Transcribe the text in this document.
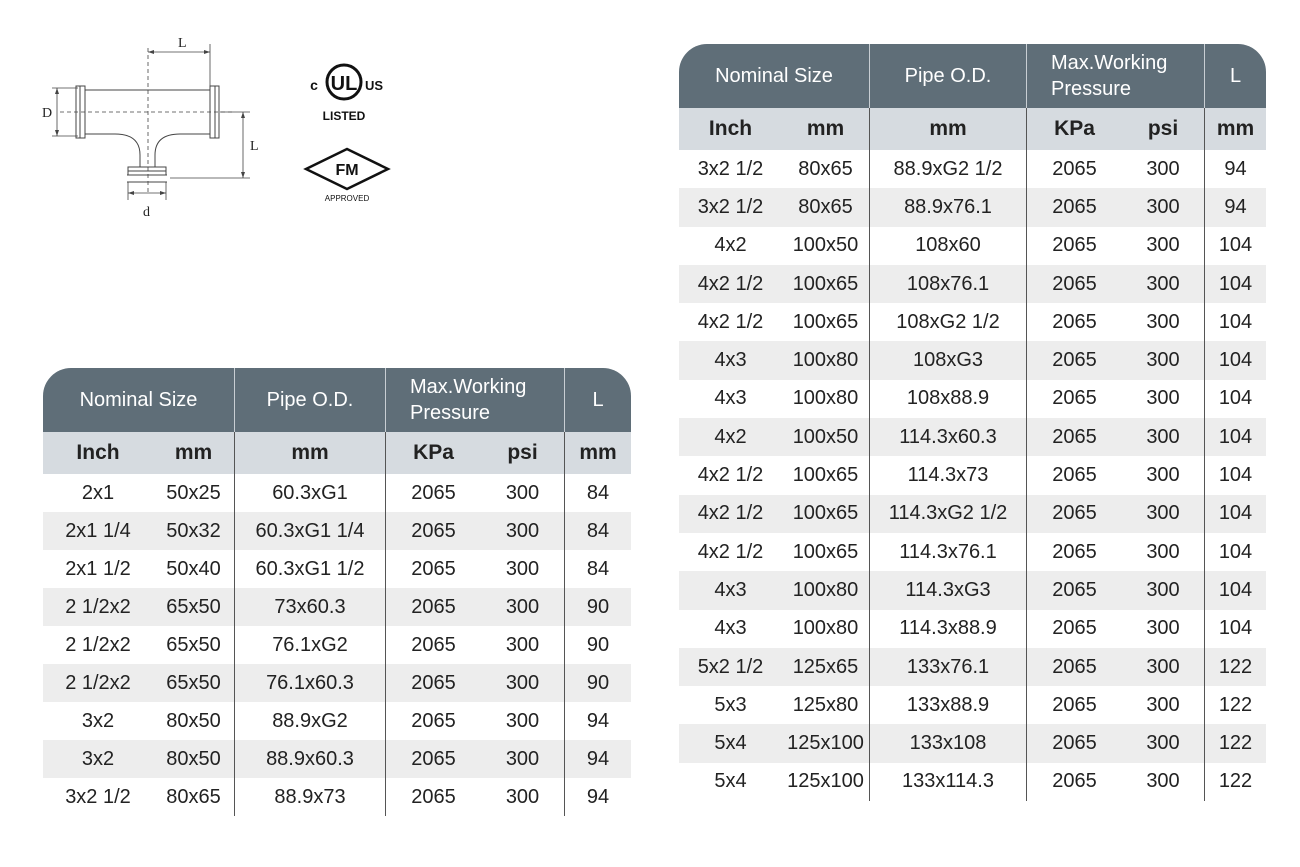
L
D
L
d
UL
c	US
LISTED
FM
APPROVED
Nominal Size		Pipe O.D.	Max.Working
Pressure		L
Inch	mm	mm	KPa	psi	mm
2x1	50x25	60.3xG1	2065	300	84
2x1 1/4	50x32	60.3xG1 1/4	2065	300	84
2x1 1/2	50x40	60.3xG1 1/2	2065	300	84
2 1/2x2	65x50	73x60.3	2065	300	90
2 1/2x2	65x50	76.1xG2	2065	300	90
2 1/2x2	65x50	76.1x60.3	2065	300	90
3x2	80x50	88.9xG2	2065	300	94
3x2	80x50	88.9x60.3	2065	300	94
3x2 1/2	80x65	88.9x73	2065	300	94
Nominal Size		Pipe O.D.	Max.Working
Pressure		L
Inch	mm	mm	KPa	psi	mm
3x2 1/2	80x65	88.9xG2 1/2	2065	300	94
3x2 1/2	80x65	88.9x76.1	2065	300	94
4x2	100x50	108x60	2065	300	104
4x2 1/2	100x65	108x76.1	2065	300	104
4x2 1/2	100x65	108xG2 1/2	2065	300	104
4x3	100x80	108xG3	2065	300	104
4x3	100x80	108x88.9	2065	300	104
4x2	100x50	114.3x60.3	2065	300	104
4x2 1/2	100x65	114.3x73	2065	300	104
4x2 1/2	100x65	114.3xG2 1/2	2065	300	104
4x2 1/2	100x65	114.3x76.1	2065	300	104
4x3	100x80	114.3xG3	2065	300	104
4x3	100x80	114.3x88.9	2065	300	104
5x2 1/2	125x65	133x76.1	2065	300	122
5x3	125x80	133x88.9	2065	300	122
5x4	125x100	133x108	2065	300	122
5x4	125x100	133x114.3	2065	300	122
